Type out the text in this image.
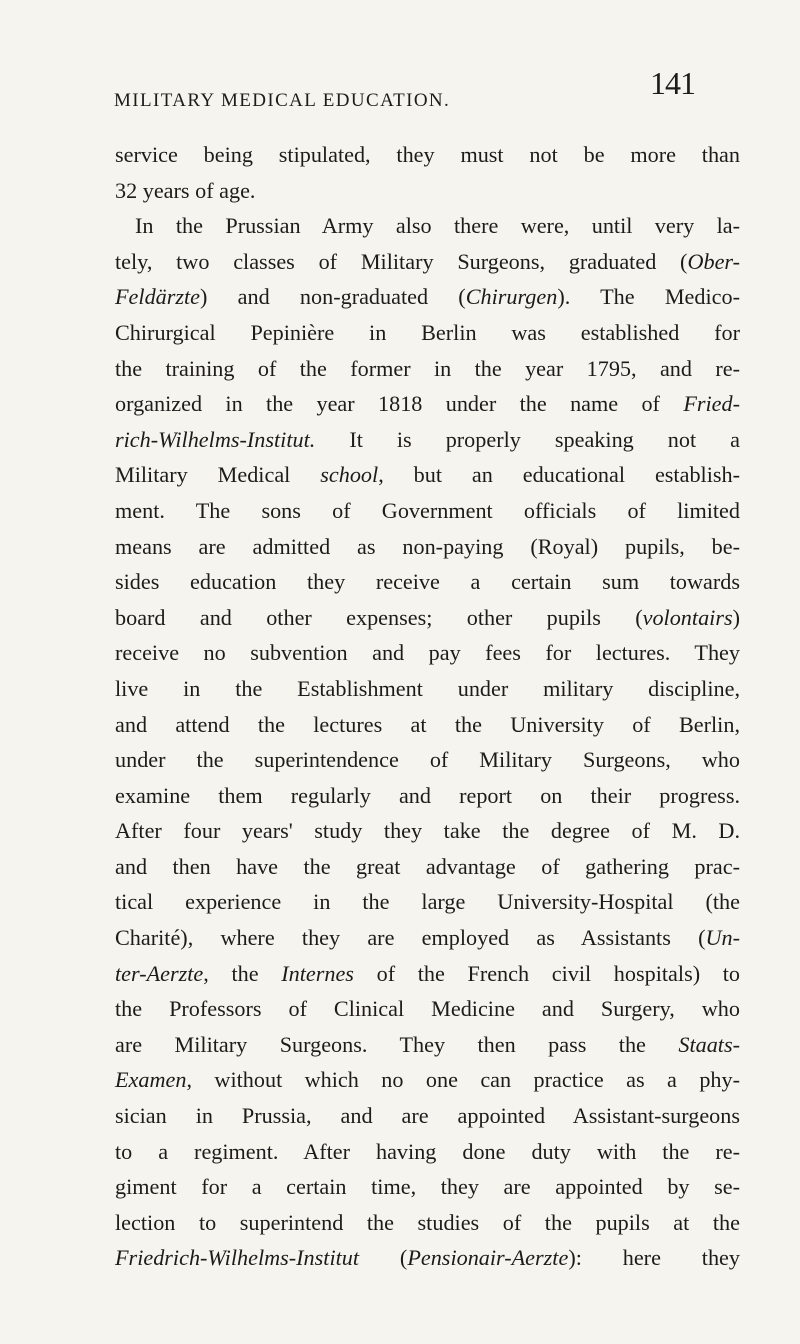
MILITARY MEDICAL EDUCATION.	141
service being stipulated, they must not be more than
32 years of age.
In the Prussian Army also there were, until very la-
tely, two classes of Military Surgeons, graduated (Ober-
Feldärzte) and non-graduated (Chirurgen). The Medico-
Chirurgical Pepinière in Berlin was established for
the training of the former in the year 1795, and re-
organized in the year 1818 under the name of Fried-
rich-Wilhelms-Institut. It is properly speaking not a
Military Medical school, but an educational establish-
ment. The sons of Government officials of limited
means are admitted as non-paying (Royal) pupils, be-
sides education they receive a certain sum towards
board and other expenses; other pupils (volontairs)
receive no subvention and pay fees for lectures. They
live in the Establishment under military discipline,
and attend the lectures at the University of Berlin,
under the superintendence of Military Surgeons, who
examine them regularly and report on their progress.
After four years' study they take the degree of M. D.
and then have the great advantage of gathering prac-
tical experience in the large University-Hospital (the
Charité), where they are employed as Assistants (Un-
ter-Aerzte, the Internes of the French civil hospitals) to
the Professors of Clinical Medicine and Surgery, who
are Military Surgeons. They then pass the Staats-
Examen, without which no one can practice as a phy-
sician in Prussia, and are appointed Assistant-surgeons
to a regiment. After having done duty with the re-
giment for a certain time, they are appointed by se-
lection to superintend the studies of the pupils at the
Friedrich-Wilhelms-Institut (Pensionair-Aerzte): here they
